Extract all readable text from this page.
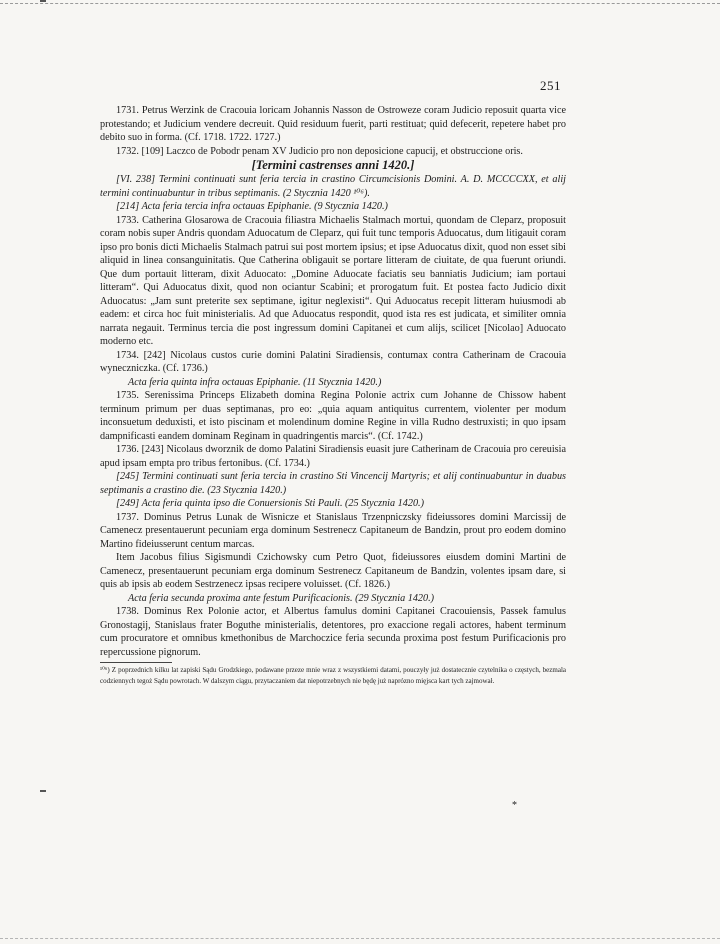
251

1731. Petrus Werzink de Cracouia loricam Johannis Nasson de Ostroweze coram Judicio reposuit quarta vice protestando; et Judicium vendere decreuit. Quid residuum fuerit, parti restituat; quid defecerit, repetere habet pro debito suo in forma. (Cf. 1718. 1722. 1727.)

1732. [109] Laczco de Pobodr penam XV Judicio pro non deposicione capucij, et obstruccione oris.

[Termini castrenses anni 1420.]

[VI. 238] Termini continuati sunt feria tercia in crastino Circumcisionis Domini. A. D. MCCCCXX, et alij termini continuabuntur in tribus septimanis. (2 Stycznia 1420 ¹⁰⁶).

[214] Acta feria tercia infra octauas Epiphanie. (9 Stycznia 1420.)

1733. Catherina Glosarowa de Cracouia filiastra Michaelis Stalmach mortui, quondam de Cleparz, proposuit coram nobis super Andris quondam Aduocatum de Cleparz, qui fuit tunc temporis Aduocatus, dum litigauit coram ipso pro bonis dicti Michaelis Stalmach patrui sui post mortem ipsius; et ipse Aduocatus dixit, quod non esset sibi aliquid in linea consanguinitatis. Que Catherina obligauit se portare litteram de ciuitate, de qua fuerunt oriundi. Que dum portauit litteram, dixit Aduocato: „Domine Aduocate faciatis seu banniatis Judicium; iam portaui litteram“. Qui Aduocatus dixit, quod non ociantur Scabini; et prorogatum fuit. Et postea facto Judicio dixit Aduocatus: „Jam sunt preterite sex septimane, igitur neglexisti“. Qui Aduocatus recepit litteram huiusmodi ab eadem: et circa hoc fuit ministerialis. Ad que Aduocatus respondit, quod ista res est judicata, et similiter omnia narrata negauit. Terminus tercia die post ingressum domini Capitanei et cum alijs, scilicet [Nicolao] Aduocato moderno etc.

1734. [242] Nicolaus custos curie domini Palatini Siradiensis, contumax contra Catherinam de Cracouia wyneczniczka. (Cf. 1736.)

Acta feria quinta infra octauas Epiphanie. (11 Stycznia 1420.)

1735. Serenissima Princeps Elizabeth domina Regina Polonie actrix cum Johanne de Chissow habent terminum primum per duas septimanas, pro eo: „quia aquam antiquitus currentem, violenter per modum inconsuetum deduxisti, et isto piscinam et molendinum domine Regine in villa Rudno destruxisti; in quo ipsam dampnificasti eandem dominam Reginam in quadringentis marcis“. (Cf. 1742.)

1736. [243] Nicolaus dworznik de domo Palatini Siradiensis euasit jure Catherinam de Cracouia pro cereuisia apud ipsam empta pro tribus fertonibus. (Cf. 1734.)

[245] Termini continuati sunt feria tercia in crastino Sti Vincencij Martyris; et alij continuabuntur in duabus septimanis a crastino die. (23 Stycznia 1420.)

[249] Acta feria quinta ipso die Conuersionis Sti Pauli. (25 Stycznia 1420.)

1737. Dominus Petrus Lunak de Wisnicze et Stanislaus Trzenpniczsky fideiussores domini Marcissij de Camenecz presentauerunt pecuniam erga dominum Sestrenecz Capitaneum de Bandzin, prout pro eodem domino Martino fideiusserunt centum marcas.

Item Jacobus filius Sigismundi Czichowsky cum Petro Quot, fideiussores eiusdem domini Martini de Camenecz, presentauerunt pecuniam erga dominum Sestrenecz Capitaneum de Bandzin, volentes ipsam dare, si quis ab ipsis ab eodem Sestrzenecz ipsas recipere voluisset. (Cf. 1826.)

Acta feria secunda proxima ante festum Purificacionis. (29 Stycznia 1420.)

1738. Dominus Rex Polonie actor, et Albertus famulus domini Capitanei Cracouiensis, Passek famulus Gronostagij, Stanislaus frater Boguthe ministerialis, detentores, pro exaccione regali actores, habent terminum cum procuratore et omnibus kmethonibus de Marchoczice feria secunda proxima post festum Purificacionis pro repercussione pignorum.

¹⁰⁶) Z poprzednich kilku lat zapiski Sądu Grodzkiego, podawane przeze mnie wraz z wszystkiemi datami, pouczyły już dostatecznie czytelnika o częstych, bezmala codziennych tegoż Sądu powrotach. W dalszym ciągu, przytaczaniem dat niepotrzebnych nie będę już naprózno mięjsca kart tych zajmował.

*
